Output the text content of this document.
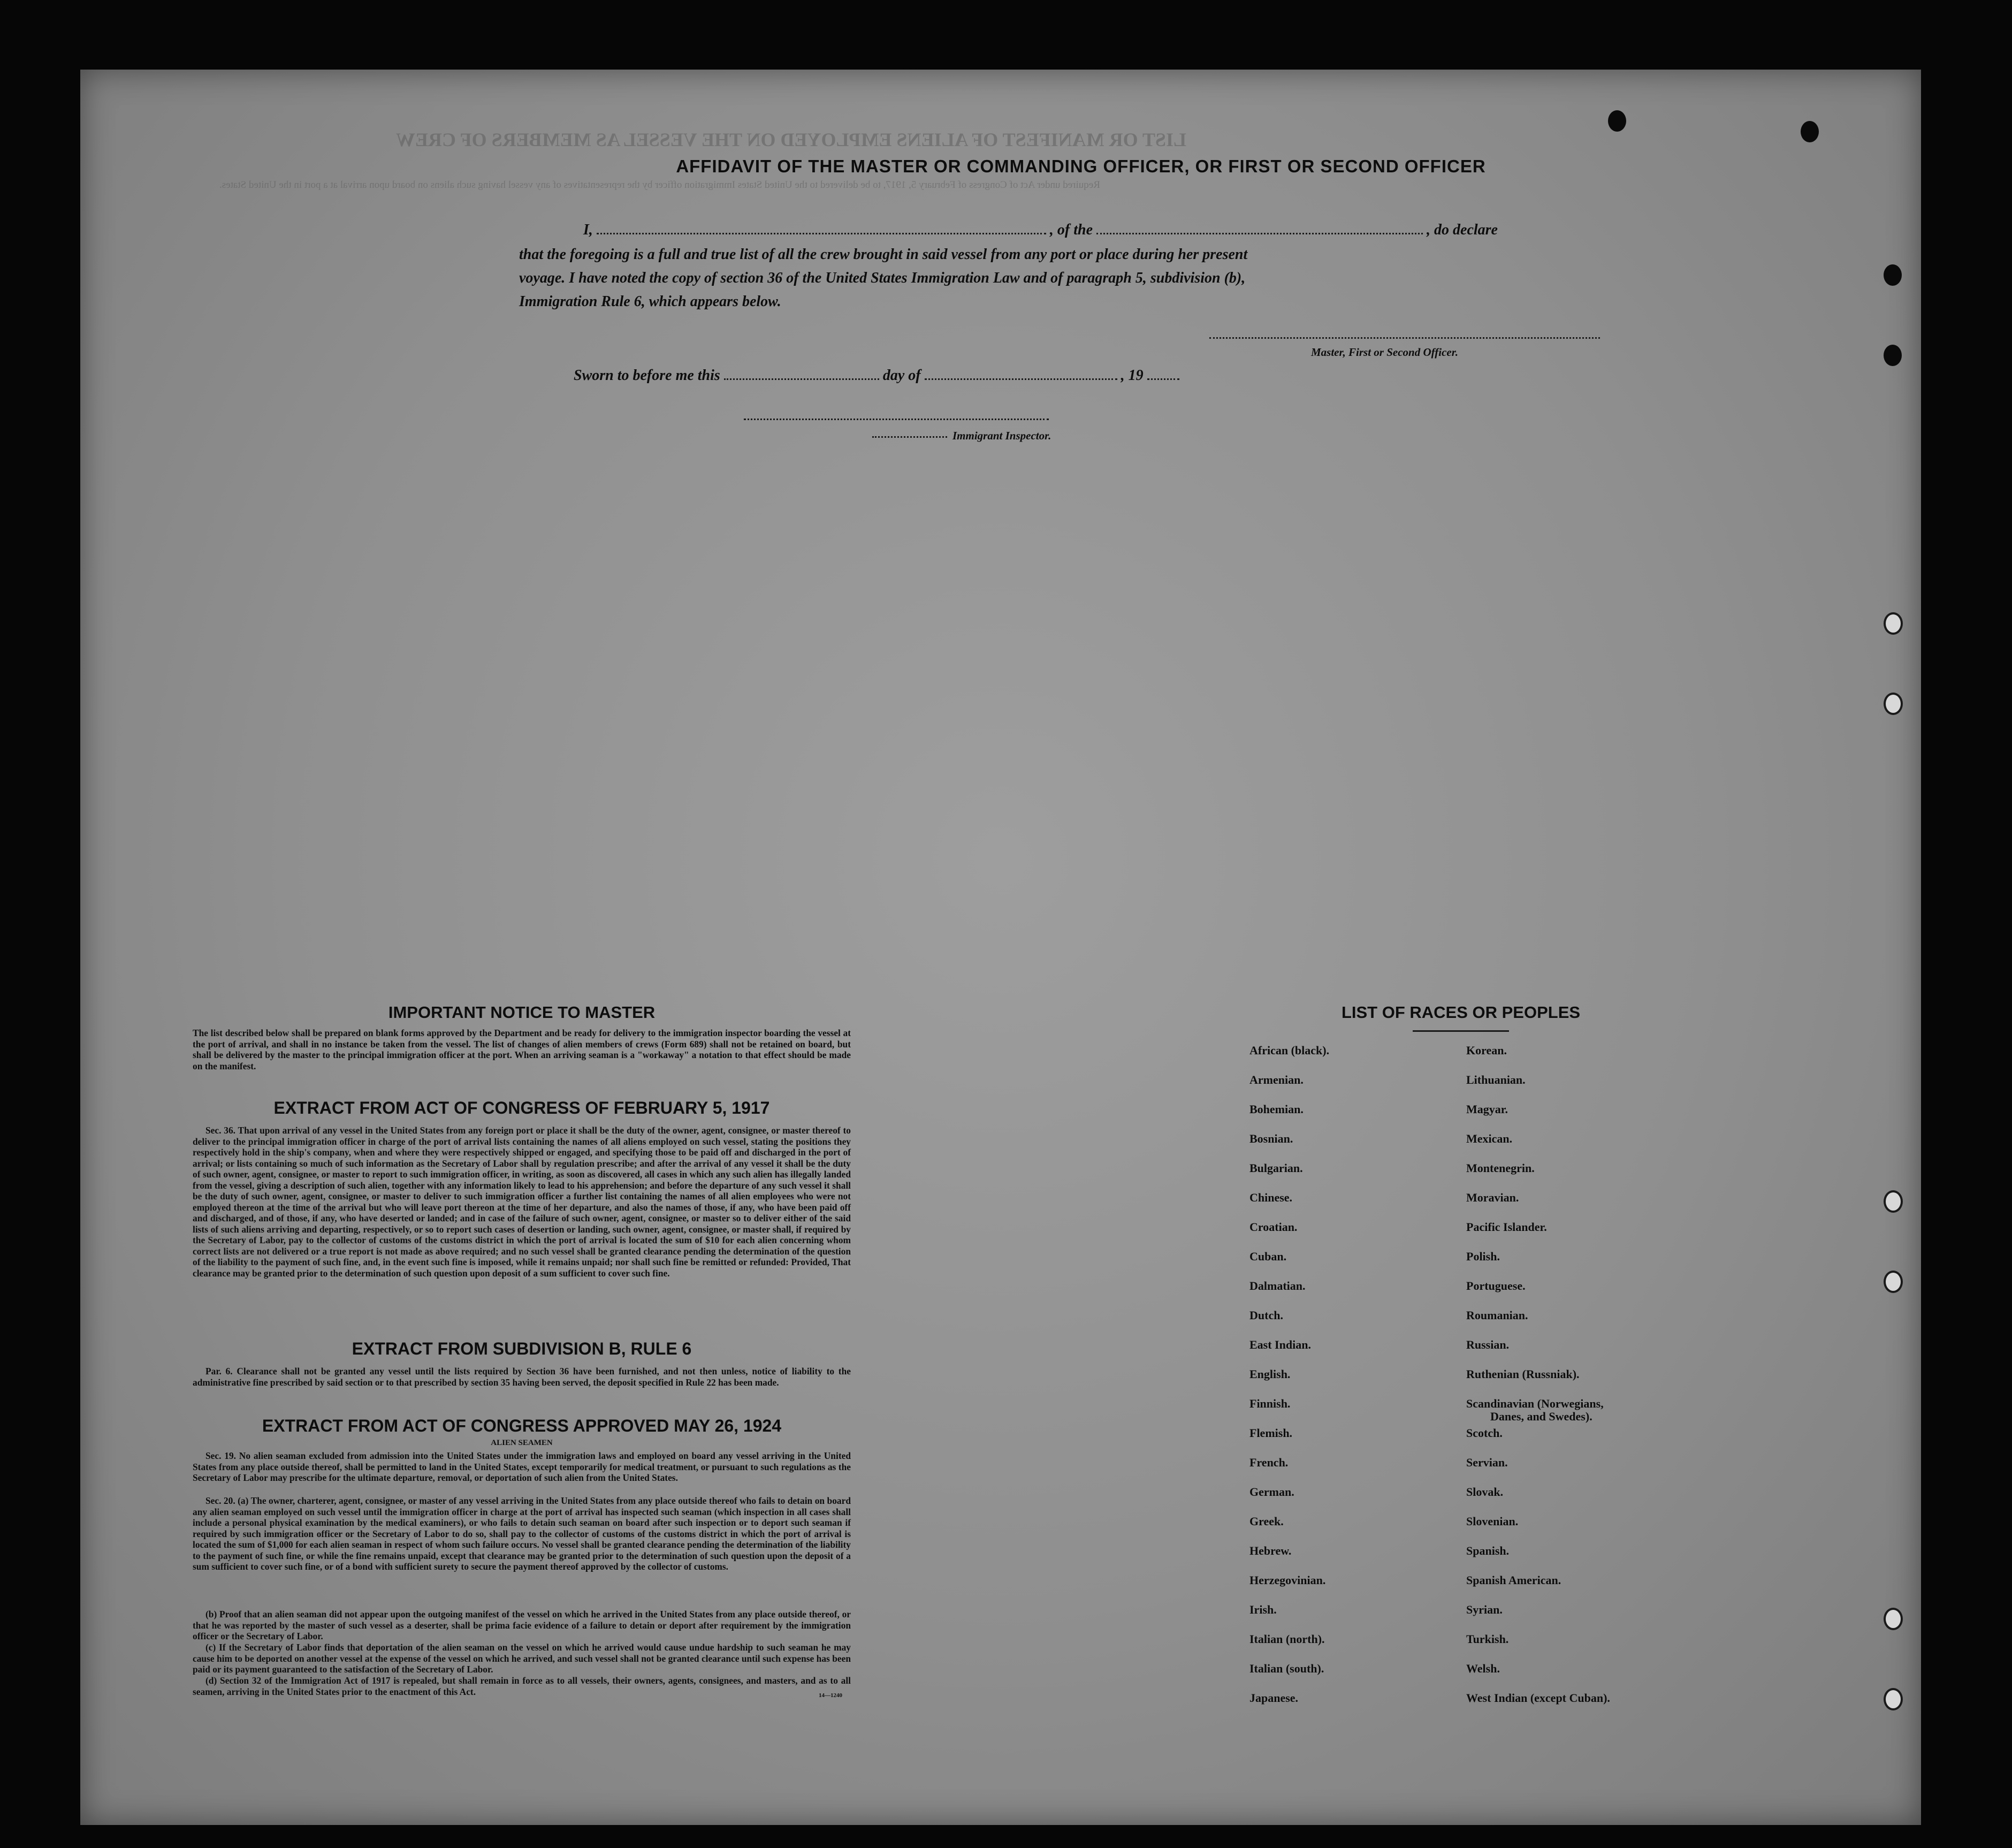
LIST OR MANIFEST OF ALIENS EMPLOYED ON THE VESSEL AS MEMBERS OF CREW
Required under Act of Congress of February 5, 1917, to be delivered to the United States Immigration officer by the representatives of any vessel having such aliens on board upon arrival at a port in the United States.
AFFIDAVIT OF THE MASTER OR COMMANDING OFFICER, OR FIRST OR SECOND OFFICER
I,	, of the	, do declare
that the foregoing is a full and true list of all the crew brought in said vessel from any port or place during her present
voyage. I have noted the copy of section 36 of the United States Immigration Law and of paragraph 5, subdivision (b),
Immigration Rule 6, which appears below.
Master, First or Second Officer.
Sworn to before me this	day of	, 19
Immigrant Inspector.
IMPORTANT NOTICE TO MASTER
The list described below shall be prepared on blank forms approved by the Department and be ready for delivery to the immigration inspector boarding the vessel at the port of arrival, and shall in no instance be taken from the vessel. The list of changes of alien members of crews (Form 689) shall not be retained on board, but shall be delivered by the master to the principal immigration officer at the port. When an arriving seaman is a "workaway" a notation to that effect should be made on the manifest.
EXTRACT FROM ACT OF CONGRESS OF FEBRUARY 5, 1917
Sec. 36. That upon arrival of any vessel in the United States from any foreign port or place it shall be the duty of the owner, agent, consignee, or master thereof to deliver to the principal immigration officer in charge of the port of arrival lists containing the names of all aliens employed on such vessel, stating the positions they respectively hold in the ship's company, when and where they were respectively shipped or engaged, and specifying those to be paid off and discharged in the port of arrival; or lists containing so much of such information as the Secretary of Labor shall by regulation prescribe; and after the arrival of any vessel it shall be the duty of such owner, agent, consignee, or master to report to such immigration officer, in writing, as soon as discovered, all cases in which any such alien has illegally landed from the vessel, giving a description of such alien, together with any information likely to lead to his apprehension; and before the departure of any such vessel it shall be the duty of such owner, agent, consignee, or master to deliver to such immigration officer a further list containing the names of all alien employees who were not employed thereon at the time of the arrival but who will leave port thereon at the time of her departure, and also the names of those, if any, who have been paid off and discharged, and of those, if any, who have deserted or landed; and in case of the failure of such owner, agent, consignee, or master so to deliver either of the said lists of such aliens arriving and departing, respectively, or so to report such cases of desertion or landing, such owner, agent, consignee, or master shall, if required by the Secretary of Labor, pay to the collector of customs of the customs district in which the port of arrival is located the sum of $10 for each alien concerning whom correct lists are not delivered or a true report is not made as above required; and no such vessel shall be granted clearance pending the determination of the question of the liability to the payment of such fine, and, in the event such fine is imposed, while it remains unpaid; nor shall such fine be remitted or refunded: Provided, That clearance may be granted prior to the determination of such question upon deposit of a sum sufficient to cover such fine.
EXTRACT FROM SUBDIVISION B, RULE 6
Par. 6. Clearance shall not be granted any vessel until the lists required by Section 36 have been furnished, and not then unless, notice of liability to the administrative fine prescribed by said section or to that prescribed by section 35 having been served, the deposit specified in Rule 22 has been made.
EXTRACT FROM ACT OF CONGRESS APPROVED MAY 26, 1924
ALIEN SEAMEN
Sec. 19. No alien seaman excluded from admission into the United States under the immigration laws and employed on board any vessel arriving in the United States from any place outside thereof, shall be permitted to land in the United States, except temporarily for medical treatment, or pursuant to such regulations as the Secretary of Labor may prescribe for the ultimate departure, removal, or deportation of such alien from the United States.
Sec. 20. (a) The owner, charterer, agent, consignee, or master of any vessel arriving in the United States from any place outside thereof who fails to detain on board any alien seaman employed on such vessel until the immigration officer in charge at the port of arrival has inspected such seaman (which inspection in all cases shall include a personal physical examination by the medical examiners), or who fails to detain such seaman on board after such inspection or to deport such seaman if required by such immigration officer or the Secretary of Labor to do so, shall pay to the collector of customs of the customs district in which the port of arrival is located the sum of $1,000 for each alien seaman in respect of whom such failure occurs. No vessel shall be granted clearance pending the determination of the liability to the payment of such fine, or while the fine remains unpaid, except that clearance may be granted prior to the determination of such question upon the deposit of a sum sufficient to cover such fine, or of a bond with sufficient surety to secure the payment thereof approved by the collector of customs.
(b) Proof that an alien seaman did not appear upon the outgoing manifest of the vessel on which he arrived in the United States from any place outside thereof, or that he was reported by the master of such vessel as a deserter, shall be prima facie evidence of a failure to detain or deport after requirement by the immigration officer or the Secretary of Labor.
(c) If the Secretary of Labor finds that deportation of the alien seaman on the vessel on which he arrived would cause undue hardship to such seaman he may cause him to be deported on another vessel at the expense of the vessel on which he arrived, and such vessel shall not be granted clearance until such expense has been paid or its payment guaranteed to the satisfaction of the Secretary of Labor.
(d) Section 32 of the Immigration Act of 1917 is repealed, but shall remain in force as to all vessels, their owners, agents, consignees, and masters, and as to all seamen, arriving in the United States prior to the enactment of this Act.	14—1240
LIST OF RACES OR PEOPLES
African (black).
Armenian.
Bohemian.
Bosnian.
Bulgarian.
Chinese.
Croatian.
Cuban.
Dalmatian.
Dutch.
East Indian.
English.
Finnish.
Flemish.
French.
German.
Greek.
Hebrew.
Herzegovinian.
Irish.
Italian (north).
Italian (south).
Japanese.
Korean.
Lithuanian.
Magyar.
Mexican.
Montenegrin.
Moravian.
Pacific Islander.
Polish.
Portuguese.
Roumanian.
Russian.
Ruthenian (Russniak).
Scandinavian (Norwegians,
Danes, and Swedes).
Scotch.
Servian.
Slovak.
Slovenian.
Spanish.
Spanish American.
Syrian.
Turkish.
Welsh.
West Indian (except Cuban).
